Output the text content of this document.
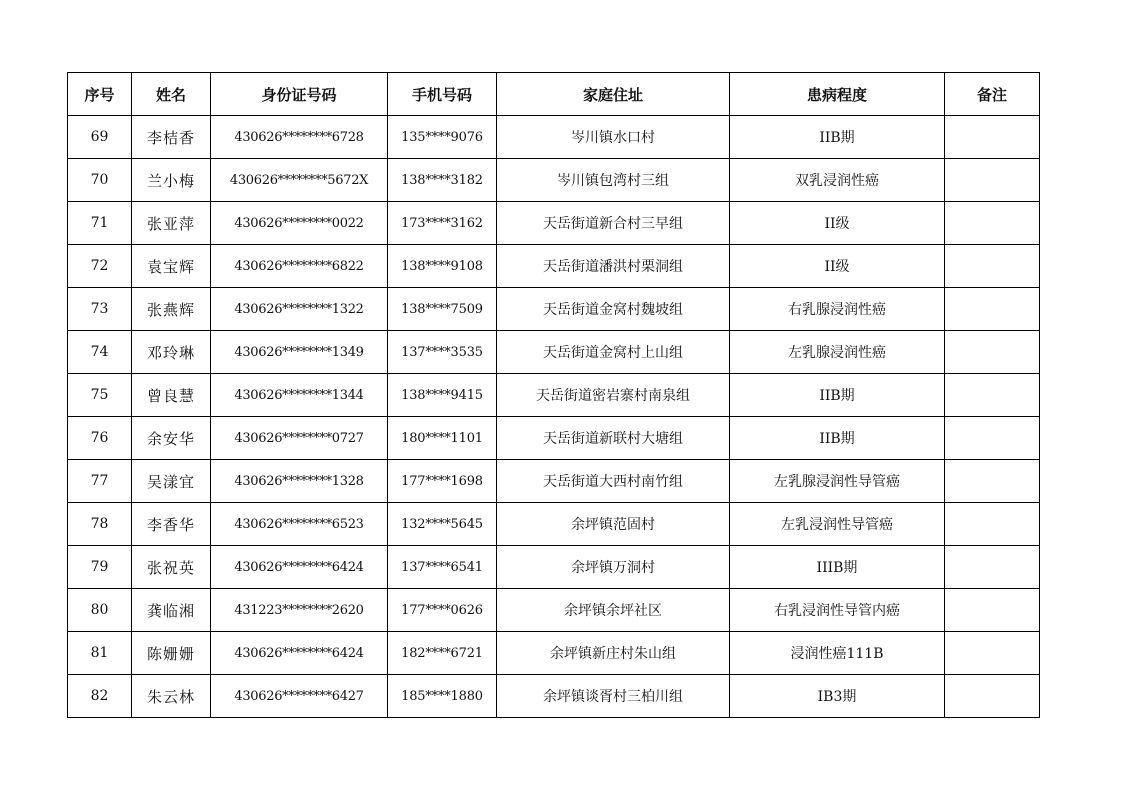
序号	姓名	身份证号码	手机号码	家庭住址	患病程度	备注
69	李桔香	430626********6728	135****9076	岑川镇水口村	IIB期	
70	兰小梅	430626********5672X	138****3182	岑川镇包湾村三组	双乳浸润性癌	
71	张亚萍	430626********0022	173****3162	天岳街道新合村三早组	II级	
72	袁宝辉	430626********6822	138****9108	天岳街道潘洪村栗洞组	II级	
73	张燕辉	430626********1322	138****7509	天岳街道金窝村魏坡组	右乳腺浸润性癌	
74	邓玲琳	430626********1349	137****3535	天岳街道金窝村上山组	左乳腺浸润性癌	
75	曾良慧	430626********1344	138****9415	天岳街道密岩寨村南泉组	IIB期	
76	余安华	430626********0727	180****1101	天岳街道新联村大塘组	IIB期	
77	吴漾宜	430626********1328	177****1698	天岳街道大西村南竹组	左乳腺浸润性导管癌	
78	李香华	430626********6523	132****5645	余坪镇范固村	左乳浸润性导管癌	
79	张祝英	430626********6424	137****6541	余坪镇万洞村	IIIB期	
80	龚临湘	431223********2620	177****0626	余坪镇余坪社区	右乳浸润性导管内癌	
81	陈姗姗	430626********6424	182****6721	余坪镇新庄村朱山组	浸润性癌111B	
82	朱云林	430626********6427	185****1880	余坪镇谈胥村三柏川组	IB3期	
